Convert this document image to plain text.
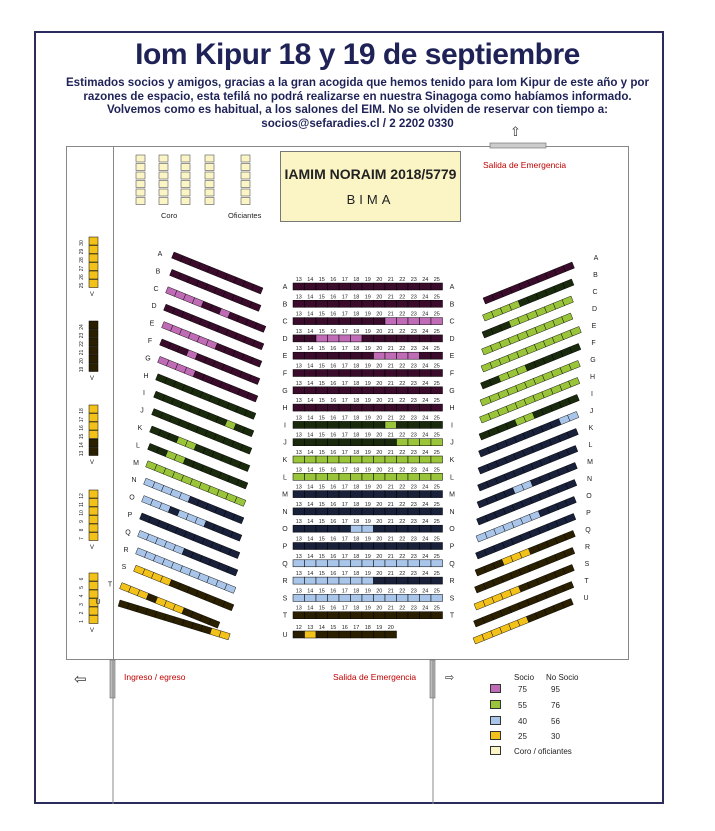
Iom Kipur 18 y 19 de septiembre
Estimados socios y amigos, gracias a la gran acogida que hemos tenido para Iom Kipur de este año y por razones de espacio, esta tefilá no podrá realizarse en nuestra Sinagoga como habíamos informado. Volvemos como es habitual, a los salones del EIM. No se olviden de reservar con tiempo a: socios@sefaradies.cl / 2 2202 0330
⇧
IAMIM NORAIM 2018/5779
BIMA
Coro	Oficiantes
Salida de Emergencia
Salida de Emergencia
Ingreso / egreso
⇦	⇨
13 14 15 16 17 18 19 20 21 22 23 24 25
A	A
13 14 15 16 17 18 19 20 21 22 23 24 25
B	B
13 14 15 16 17 18 19 20 21 22 23 24 25
C	C
13 14 15 16 17 18 19 20 21 22 23 24 25
D	D
13 14 15 16 17 18 19 20 21 22 23 24 25
E	E
13 14 15 16 17 18 19 20 21 22 23 24 25
F	F
13 14 15 16 17 18 19 20 21 22 23 24 25
G	G
13 14 15 16 17 18 19 20 21 22 23 24 25
H	H
13 14 15 16 17 18 19 20 21 22 23 24 25
I	I
13 14 15 16 17 18 19 20 21 22 23 24 25
J	J
13 14 15 16 17 18 19 20 21 22 23 24 25
K	K
13 14 15 16 17 18 19 20 21 22 23 24 25
L	L
13 14 15 16 17 18 19 20 21 22 23 24 25
M	M
13 14 15 16 17 18 19 20 21 22 23 24 25
N	N
13 14 15 16 17 18 19 20 21 22 23 24 25
O	O
13 14 15 16 17 18 19 20 21 22 23 24 25
P	P
13 14 15 16 17 18 19 20 21 22 23 24 25
Q	Q
13 14 15 16 17 18 19 20 21 22 23 24 25
R	R
13 14 15 16 17 18 19 20 21 22 23 24 25
S	S
13 14 15 16 17 18 19 20 21 22 23 24 25
T	T
12 13 14 15 16 17 18 19 20
U
30
29
28
27
26
25
V
24
23
22
21
20
19
V
18
17
16
15
14
13
V
12
11
10
9
8
7
V
6
5
4
3
2
1
V
A
B
C
D
E
F
G
H
I
J
K
L
M
N
O
P
Q
R
S
T
U
A
B
C
D
E
F
G
H
I
J
K
L
M
N
O
P
Q
R
S
T
U
Socio No Socio
75	95
55	76
40	56
25	30
Coro / oficiantes
